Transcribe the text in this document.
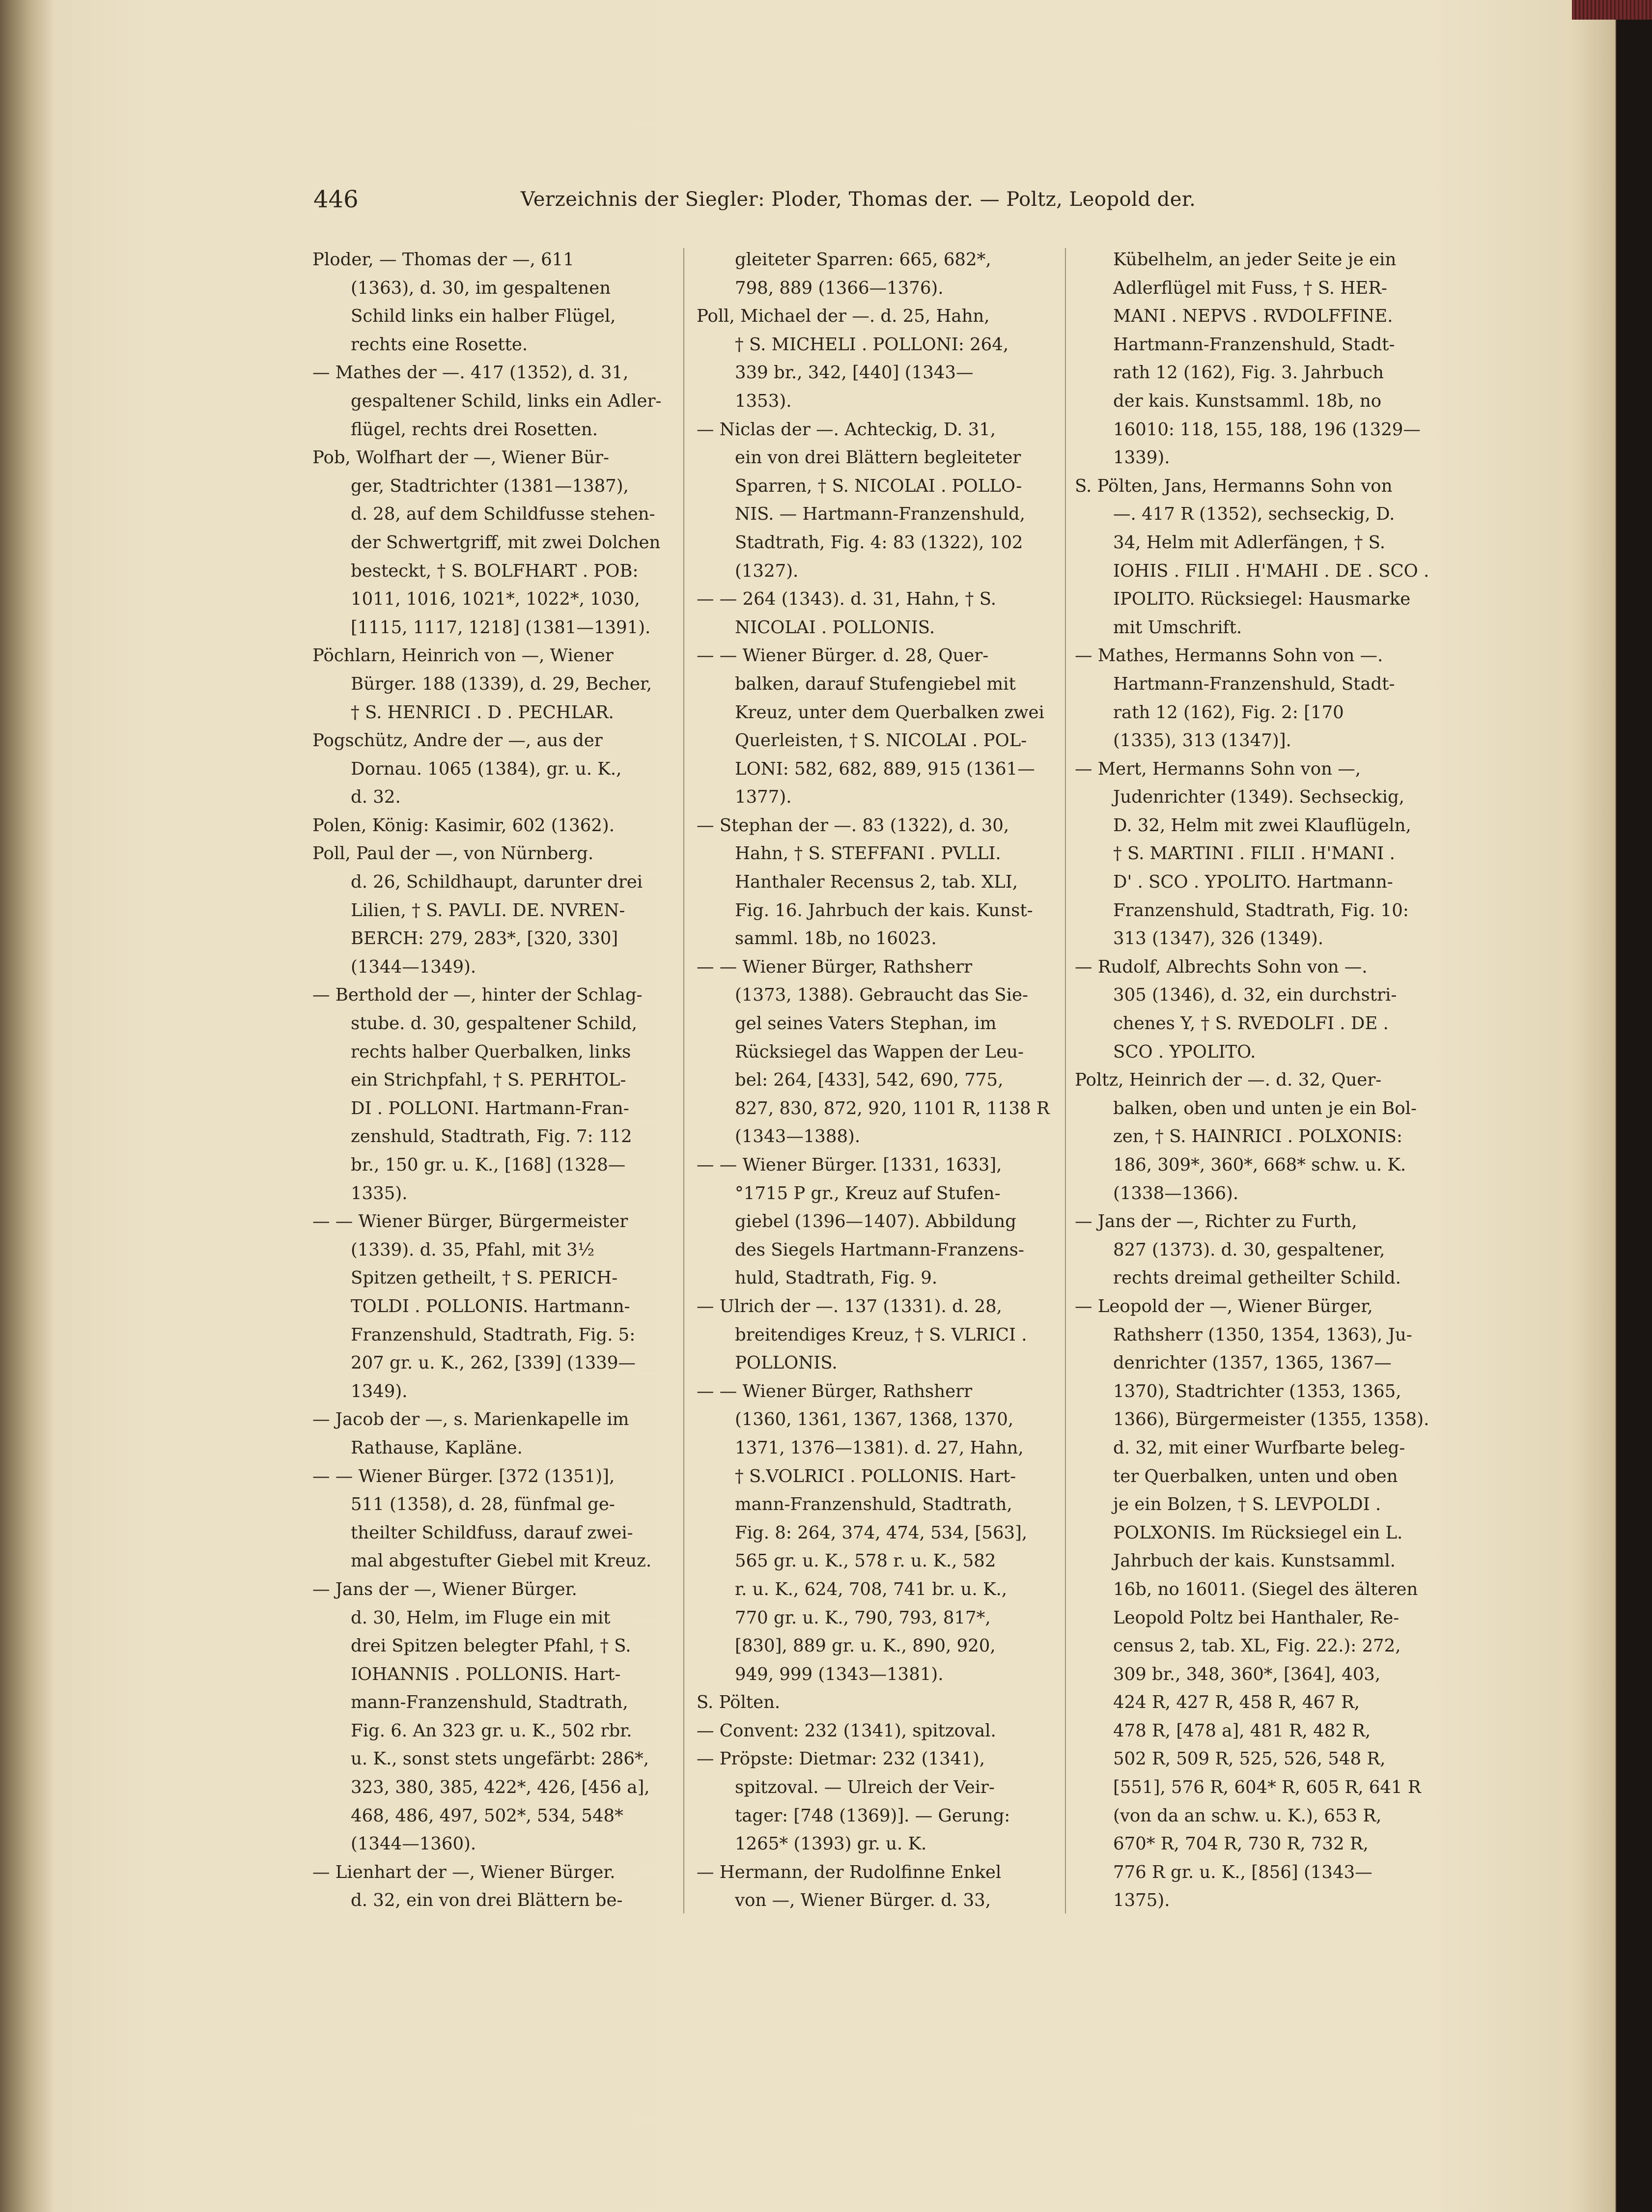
446	Verzeichnis der Siegler: Ploder, Thomas der. — Poltz, Leopold der.
Ploder, — Thomas der —, 611
(1363), d. 30, im gespaltenen
Schild links ein halber Flügel,
rechts eine Rosette.
— Mathes der —. 417 (1352), d. 31,
gespaltener Schild, links ein Adler-
flügel, rechts drei Rosetten.
Pob, Wolfhart der —, Wiener Bür-
ger, Stadtrichter (1381—1387),
d. 28, auf dem Schildfusse stehen-
der Schwertgriff, mit zwei Dolchen
besteckt, † S. BOLFHART . POB:
1011, 1016, 1021*, 1022*, 1030,
[1115, 1117, 1218] (1381—1391).
Pöchlarn, Heinrich von —, Wiener
Bürger. 188 (1339), d. 29, Becher,
† S. HENRICI . D . PECHLAR.
Pogschütz, Andre der —, aus der
Dornau. 1065 (1384), gr. u. K.,
d. 32.
Polen, König: Kasimir, 602 (1362).
Poll, Paul der —, von Nürnberg.
d. 26, Schildhaupt, darunter drei
Lilien, † S. PAVLI. DE. NVREN-
BERCH: 279, 283*, [320, 330]
(1344—1349).
— Berthold der —, hinter der Schlag-
stube. d. 30, gespaltener Schild,
rechts halber Querbalken, links
ein Strichpfahl, † S. PERHTOL-
DI . POLLONI. Hartmann-Fran-
zenshuld, Stadtrath, Fig. 7: 112
br., 150 gr. u. K., [168] (1328—
1335).
— — Wiener Bürger, Bürgermeister
(1339). d. 35, Pfahl, mit 3½
Spitzen getheilt, † S. PERICH-
TOLDI . POLLONIS. Hartmann-
Franzenshuld, Stadtrath, Fig. 5:
207 gr. u. K., 262, [339] (1339—
1349).
— Jacob der —, s. Marienkapelle im
Rathause, Kapläne.
— — Wiener Bürger. [372 (1351)],
511 (1358), d. 28, fünfmal ge-
theilter Schildfuss, darauf zwei-
mal abgestufter Giebel mit Kreuz.
— Jans der —, Wiener Bürger.
d. 30, Helm, im Fluge ein mit
drei Spitzen belegter Pfahl, † S.
IOHANNIS . POLLONIS. Hart-
mann-Franzenshuld, Stadtrath,
Fig. 6. An 323 gr. u. K., 502 rbr.
u. K., sonst stets ungefärbt: 286*,
323, 380, 385, 422*, 426, [456 a],
468, 486, 497, 502*, 534, 548*
(1344—1360).
— Lienhart der —, Wiener Bürger.
d. 32, ein von drei Blättern be-
gleiteter Sparren: 665, 682*,
798, 889 (1366—1376).
Poll, Michael der —. d. 25, Hahn,
† S. MICHELI . POLLONI: 264,
339 br., 342, [440] (1343—
1353).
— Niclas der —. Achteckig, D. 31,
ein von drei Blättern begleiteter
Sparren, † S. NICOLAI . POLLO-
NIS. — Hartmann-Franzenshuld,
Stadtrath, Fig. 4: 83 (1322), 102
(1327).
— — 264 (1343). d. 31, Hahn, † S.
NICOLAI . POLLONIS.
— — Wiener Bürger. d. 28, Quer-
balken, darauf Stufengiebel mit
Kreuz, unter dem Querbalken zwei
Querleisten, † S. NICOLAI . POL-
LONI: 582, 682, 889, 915 (1361—
1377).
— Stephan der —. 83 (1322), d. 30,
Hahn, † S. STEFFANI . PVLLI.
Hanthaler Recensus 2, tab. XLI,
Fig. 16. Jahrbuch der kais. Kunst-
samml. 18b, no 16023.
— — Wiener Bürger, Rathsherr
(1373, 1388). Gebraucht das Sie-
gel seines Vaters Stephan, im
Rücksiegel das Wappen der Leu-
bel: 264, [433], 542, 690, 775,
827, 830, 872, 920, 1101 R, 1138 R
(1343—1388).
— — Wiener Bürger. [1331, 1633],
°1715 P gr., Kreuz auf Stufen-
giebel (1396—1407). Abbildung
des Siegels Hartmann-Franzens-
huld, Stadtrath, Fig. 9.
— Ulrich der —. 137 (1331). d. 28,
breitendiges Kreuz, † S. VLRICI .
POLLONIS.
— — Wiener Bürger, Rathsherr
(1360, 1361, 1367, 1368, 1370,
1371, 1376—1381). d. 27, Hahn,
† S.VOLRICI . POLLONIS. Hart-
mann-Franzenshuld, Stadtrath,
Fig. 8: 264, 374, 474, 534, [563],
565 gr. u. K., 578 r. u. K., 582
r. u. K., 624, 708, 741 br. u. K.,
770 gr. u. K., 790, 793, 817*,
[830], 889 gr. u. K., 890, 920,
949, 999 (1343—1381).
S. Pölten.
— Convent: 232 (1341), spitzoval.
— Pröpste: Dietmar: 232 (1341),
spitzoval. — Ulreich der Veir-
tager: [748 (1369)]. — Gerung:
1265* (1393) gr. u. K.
— Hermann, der Rudolfinne Enkel
von —, Wiener Bürger. d. 33,
Kübelhelm, an jeder Seite je ein
Adlerflügel mit Fuss, † S. HER-
MANI . NEPVS . RVDOLFFINE.
Hartmann-Franzenshuld, Stadt-
rath 12 (162), Fig. 3. Jahrbuch
der kais. Kunstsamml. 18b, no
16010: 118, 155, 188, 196 (1329—
1339).
S. Pölten, Jans, Hermanns Sohn von
—. 417 R (1352), sechseckig, D.
34, Helm mit Adlerfängen, † S.
IOHIS . FILII . H'MAHI . DE . SCO .
IPOLITO. Rücksiegel: Hausmarke
mit Umschrift.
— Mathes, Hermanns Sohn von —.
Hartmann-Franzenshuld, Stadt-
rath 12 (162), Fig. 2: [170
(1335), 313 (1347)].
— Mert, Hermanns Sohn von —,
Judenrichter (1349). Sechseckig,
D. 32, Helm mit zwei Klauflügeln,
† S. MARTINI . FILII . H'MANI .
D' . SCO . YPOLITO. Hartmann-
Franzenshuld, Stadtrath, Fig. 10:
313 (1347), 326 (1349).
— Rudolf, Albrechts Sohn von —.
305 (1346), d. 32, ein durchstri-
chenes Y, † S. RVEDOLFI . DE .
SCO . YPOLITO.
Poltz, Heinrich der —. d. 32, Quer-
balken, oben und unten je ein Bol-
zen, † S. HAINRICI . POLXONIS:
186, 309*, 360*, 668* schw. u. K.
(1338—1366).
— Jans der —, Richter zu Furth,
827 (1373). d. 30, gespaltener,
rechts dreimal getheilter Schild.
— Leopold der —, Wiener Bürger,
Rathsherr (1350, 1354, 1363), Ju-
denrichter (1357, 1365, 1367—
1370), Stadtrichter (1353, 1365,
1366), Bürgermeister (1355, 1358).
d. 32, mit einer Wurfbarte beleg-
ter Querbalken, unten und oben
je ein Bolzen, † S. LEVPOLDI .
POLXONIS. Im Rücksiegel ein L.
Jahrbuch der kais. Kunstsamml.
16b, no 16011. (Siegel des älteren
Leopold Poltz bei Hanthaler, Re-
census 2, tab. XL, Fig. 22.): 272,
309 br., 348, 360*, [364], 403,
424 R, 427 R, 458 R, 467 R,
478 R, [478 a], 481 R, 482 R,
502 R, 509 R, 525, 526, 548 R,
[551], 576 R, 604* R, 605 R, 641 R
(von da an schw. u. K.), 653 R,
670* R, 704 R, 730 R, 732 R,
776 R gr. u. K., [856] (1343—
1375).
